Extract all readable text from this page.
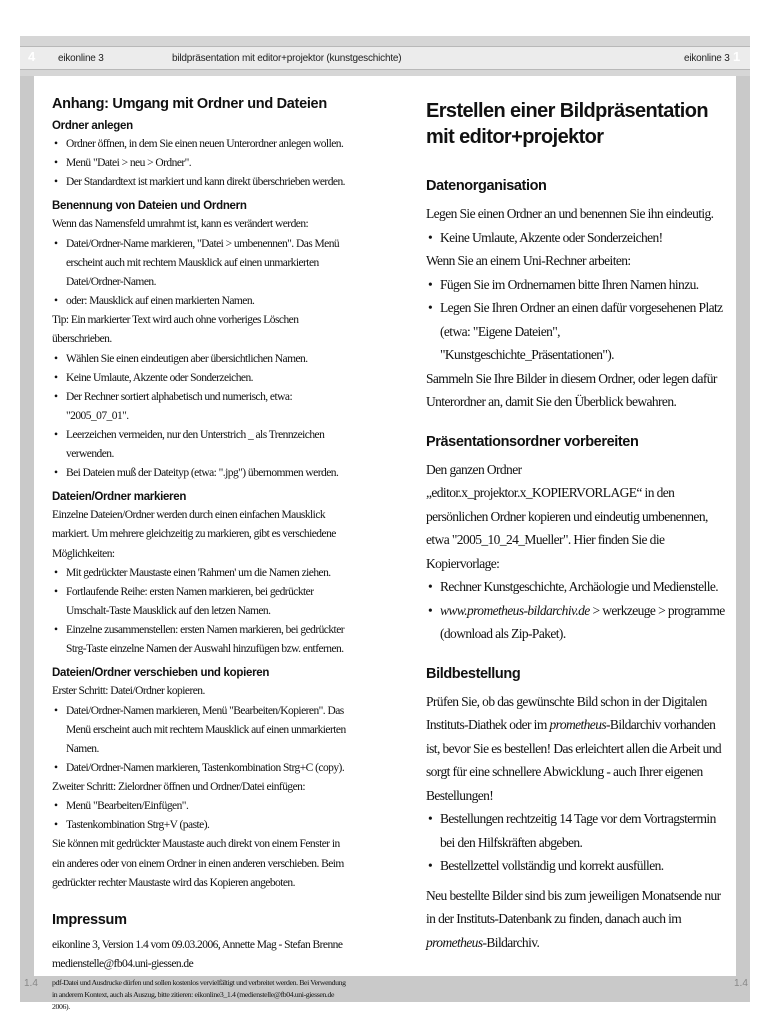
4 eikonline 3	bildpräsentation mit editor+projektor (kunstgeschichte)	eikonline 3 1
Anhang: Umgang mit Ordner und Dateien
Ordner anlegen
• Ordner öffnen, in dem Sie einen neuen Unterordner anlegen wollen.
• Menü "Datei > neu > Ordner".
• Der Standardtext ist markiert und kann direkt überschrieben werden.
Benennung von Dateien und Ordnern

Wenn das Namensfeld umrahmt ist, kann es verändert werden:

• Datei/Ordner-Name markieren, "Datei > umbenennen". Das Menü erscheint auch mit rechtem Mausklick auf einen unmarkierten Datei/Ordner-Namen.
• oder: Mausklick auf einen markierten Namen.

Tip: Ein markierter Text wird auch ohne vorheriges Löschen überschrieben.

• Wählen Sie einen eindeutigen aber übersichtlichen Namen.
• Keine Umlaute, Akzente oder Sonderzeichen.
• Der Rechner sortiert alphabetisch und numerisch, etwa: "2005_07_01".
• Leerzeichen vermeiden, nur den Unterstrich _ als Trennzeichen verwenden.
• Bei Dateien muß der Dateityp (etwa: ".jpg") übernommen werden.
Dateien/Ordner markieren

Einzelne Dateien/Ordner werden durch einen einfachen Mausklick markiert. Um mehrere gleichzeitig zu markieren, gibt es verschiedene Möglichkeiten:

• Mit gedrückter Maustaste einen 'Rahmen' um die Namen ziehen.
• Fortlaufende Reihe: ersten Namen markieren, bei gedrückter Umschalt-Taste Mausklick auf den letzen Namen.
• Einzelne zusammenstellen: ersten Namen markieren, bei gedrückter Strg-Taste einzelne Namen der Auswahl hinzufügen bzw. entfernen.
Dateien/Ordner verschieben und kopieren

Erster Schritt: Datei/Ordner kopieren.

• Datei/Ordner-Namen markieren, Menü "Bearbeiten/Kopieren". Das Menü erscheint auch mit rechtem Mausklick auf einen unmarkierten Namen.
• Datei/Ordner-Namen markieren, Tastenkombination Strg+C (copy).

Zweiter Schritt: Zielordner öffnen und Ordner/Datei einfügen:

• Menü "Bearbeiten/Einfügen".
• Tastenkombination Strg+V (paste).

Sie können mit gedrückter Maustaste auch direkt von einem Fenster in ein anderes oder von einem Ordner in einen anderen verschieben. Beim gedrückter rechter Maustaste wird das Kopieren angeboten.

Impressum

eikonline 3, Version 1.4 vom 09.03.2006, Annette Mag - Stefan Brenne

medienstelle@fb04.uni-giessen.de

pdf-Datei und Ausdrucke dürfen und sollen kostenlos vervielfältigt und verbreitet werden. Bei Verwendung in anderem Kontext, auch als Auszug, bitte zitieren: eikonline3_1.4 (medienstelle@fb04.uni-giessen.de 2006).

Erstellen einer Bildpräsentation
mit editor+projektor
Datenorganisation

Legen Sie einen Ordner an und benennen Sie ihn eindeutig.

• Keine Umlaute, Akzente oder Sonderzeichen!

Wenn Sie an einem Uni-Rechner arbeiten:

• Fügen Sie im Ordnernamen bitte Ihren Namen hinzu.
• Legen Sie Ihren Ordner an einen dafür vorgesehenen Platz (etwa: "Eigene Dateien", "Kunstgeschichte_Präsentationen").

Sammeln Sie Ihre Bilder in diesem Ordner, oder legen dafür Unterordner an, damit Sie den Überblick bewahren.

Präsentationsordner vorbereiten

Den ganzen Ordner „editor.x_projektor.x_KOPIERVORLAGE“ in den persönlichen Ordner kopieren und eindeutig umbenennen, etwa "2005_10_24_Mueller". Hier finden Sie die Kopiervorlage:

• Rechner Kunstgeschichte, Archäologie und Medienstelle.
• www.prometheus-bildarchiv.de > werkzeuge > programme (download als Zip-Paket).
Bildbestellung

Prüfen Sie, ob das gewünschte Bild schon in der Digitalen Instituts-Diathek oder im prometheus-Bildarchiv vorhanden ist, bevor Sie es bestellen! Das erleichtert allen die Arbeit und sorgt für eine schnellere Abwicklung - auch Ihrer eigenen Bestellungen!

• Bestellungen rechtzeitig 14 Tage vor dem Vortragstermin bei den Hilfskräften abgeben.
• Bestellzettel vollständig und korrekt ausfüllen.

Neu bestellte Bilder sind bis zum jeweiligen Monatsende nur in der Instituts-Datenbank zu finden, danach auch im prometheus-Bildarchiv.

1.4	1.4
